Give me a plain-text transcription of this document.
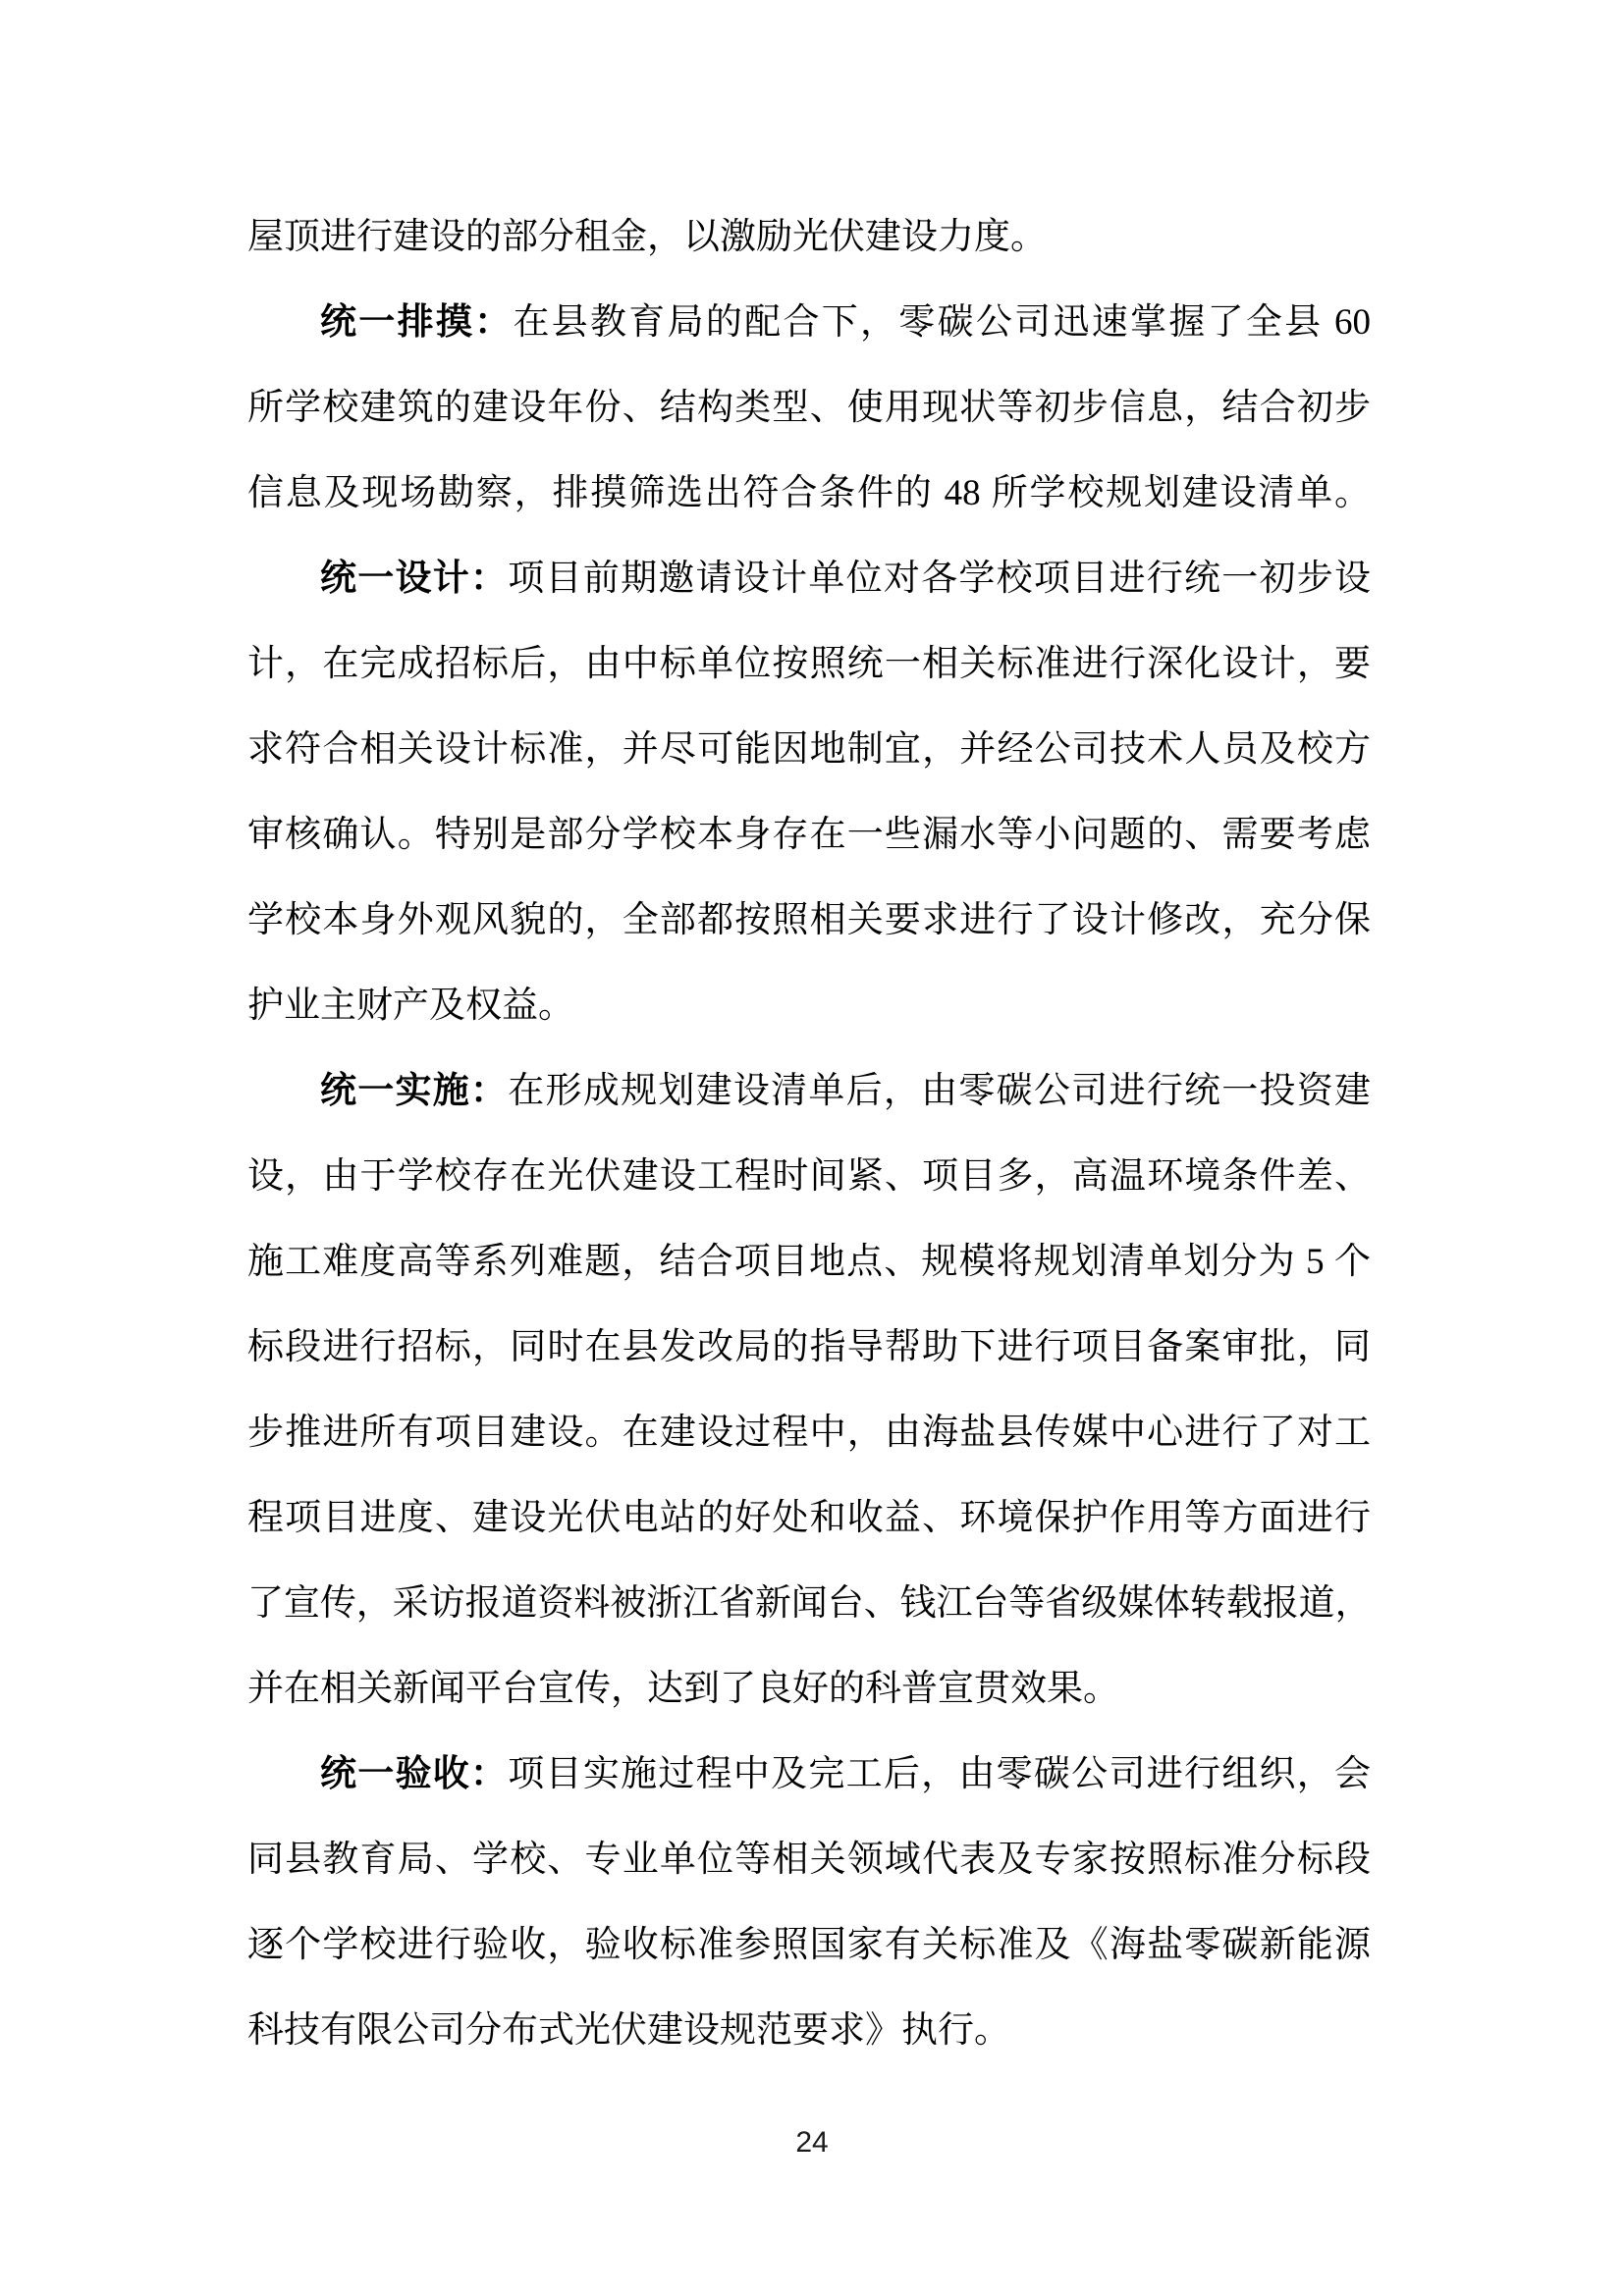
屋顶进行建设的部分租金，以激励光伏建设力度。
统一排摸：在县教育局的配合下，零碳公司迅速掌握了全县 60
所学校建筑的建设年份、结构类型、使用现状等初步信息，结合初步
信息及现场勘察，排摸筛选出符合条件的 48 所学校规划建设清单。
统一设计：项目前期邀请设计单位对各学校项目进行统一初步设
计，在完成招标后，由中标单位按照统一相关标准进行深化设计，要
求符合相关设计标准，并尽可能因地制宜，并经公司技术人员及校方
审核确认。特别是部分学校本身存在一些漏水等小问题的、需要考虑
学校本身外观风貌的，全部都按照相关要求进行了设计修改，充分保
护业主财产及权益。
统一实施：在形成规划建设清单后，由零碳公司进行统一投资建
设，由于学校存在光伏建设工程时间紧、项目多，高温环境条件差、
施工难度高等系列难题，结合项目地点、规模将规划清单划分为 5 个
标段进行招标，同时在县发改局的指导帮助下进行项目备案审批，同
步推进所有项目建设。在建设过程中，由海盐县传媒中心进行了对工
程项目进度、建设光伏电站的好处和收益、环境保护作用等方面进行
了宣传，采访报道资料被浙江省新闻台、钱江台等省级媒体转载报道，
并在相关新闻平台宣传，达到了良好的科普宣贯效果。
统一验收：项目实施过程中及完工后，由零碳公司进行组织，会
同县教育局、学校、专业单位等相关领域代表及专家按照标准分标段
逐个学校进行验收，验收标准参照国家有关标准及《海盐零碳新能源
科技有限公司分布式光伏建设规范要求》执行。
24
